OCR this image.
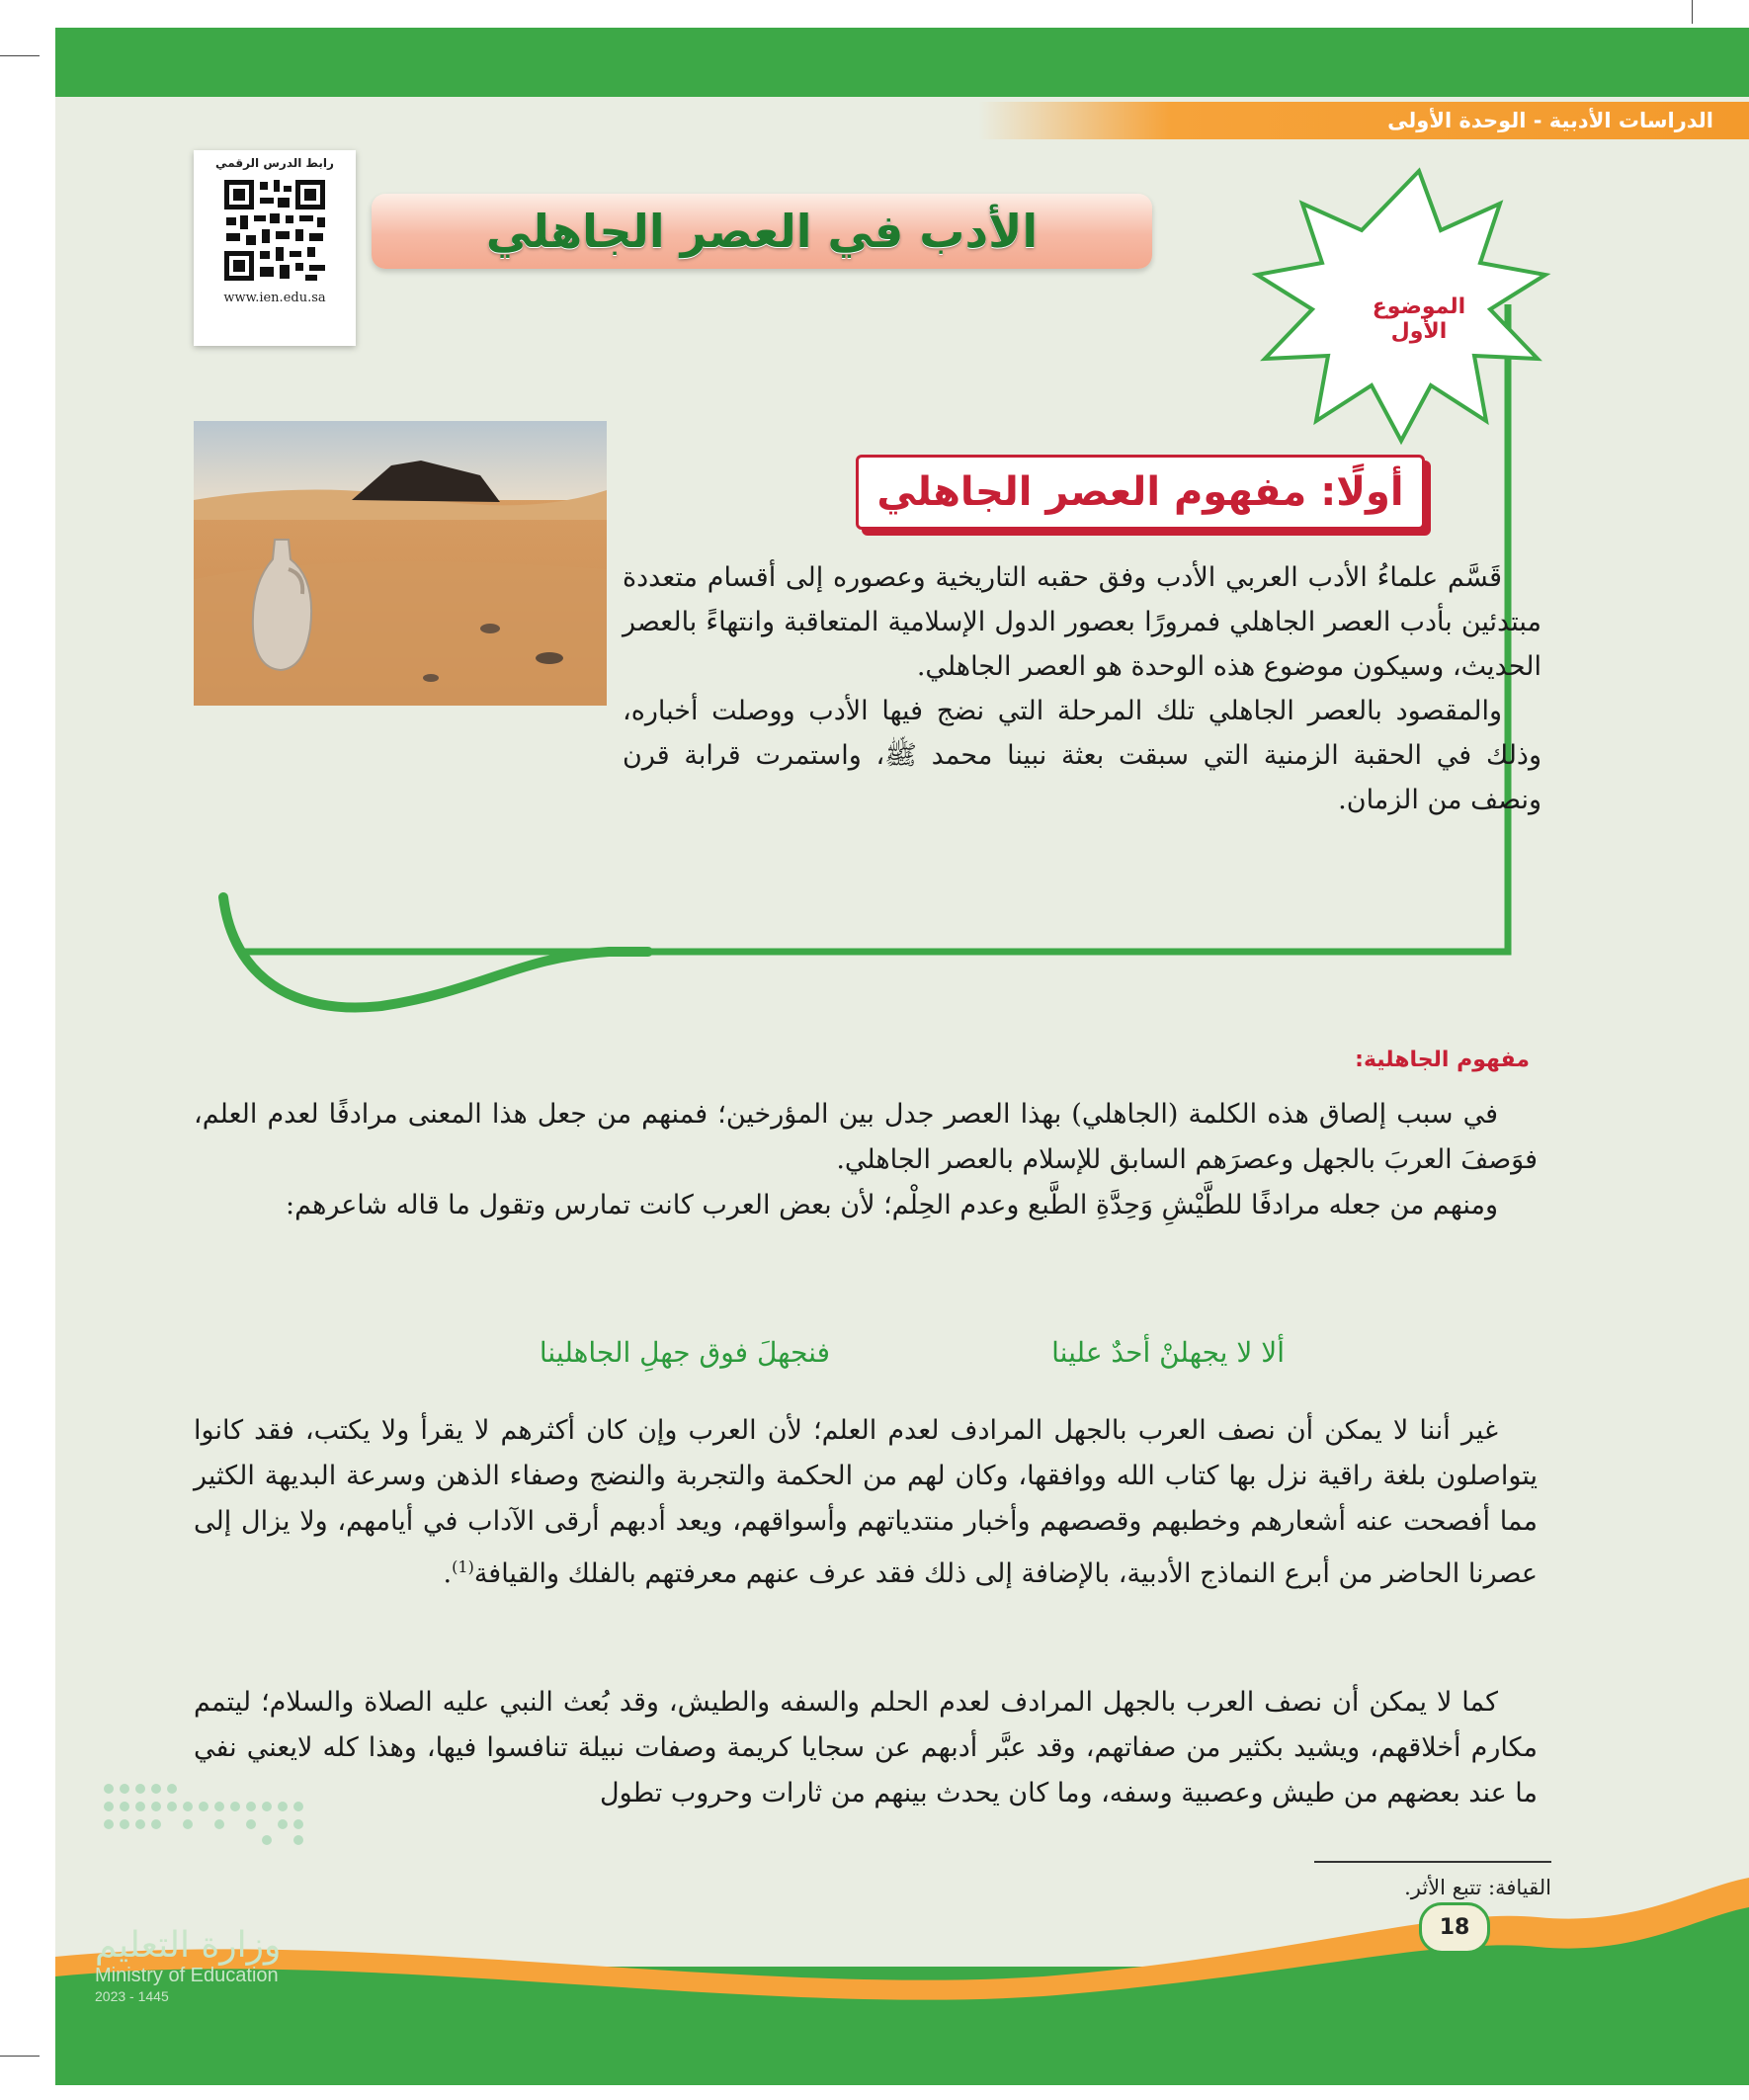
الدراسات الأدبية - الوحدة الأولى
الموضوع الأول
رابط الدرس الرقمي
www.ien.edu.sa
الأدب في العصر الجاهلي
أولًا: مفهوم العصر الجاهلي

قَسَّم علماءُ الأدب العربي الأدب وفق حقبه التاريخية وعصوره إلى أقسام متعددة مبتدئين بأدب العصر الجاهلي فمرورًا بعصور الدول الإسلامية المتعاقبة وانتهاءً بالعصر الحديث، وسيكون موضوع هذه الوحدة هو العصر الجاهلي.

والمقصود بالعصر الجاهلي تلك المرحلة التي نضج فيها الأدب ووصلت أخباره، وذلك في الحقبة الزمنية التي سبقت بعثة نبينا محمد ﷺ، واستمرت قرابة قرن ونصف من الزمان.

مفهوم الجاهلية:

في سبب إلصاق هذه الكلمة (الجاهلي) بهذا العصر جدل بين المؤرخين؛ فمنهم من جعل هذا المعنى مرادفًا لعدم العلم، فوَصفَ العربَ بالجهل وعصرَهم السابق للإسلام بالعصر الجاهلي.

ومنهم من جعله مرادفًا للطَّيْشِ وَحِدَّةِ الطَّبع وعدم الحِلْم؛ لأن بعض العرب كانت تمارس وتقول ما قاله شاعرهم:

ألا لا يجهلنْ أحدٌ علينا
فنجهلَ فوق جهلِ الجاهلينا

غير أننا لا يمكن أن نصف العرب بالجهل المرادف لعدم العلم؛ لأن العرب وإن كان أكثرهم لا يقرأ ولا يكتب، فقد كانوا يتواصلون بلغة راقية نزل بها كتاب الله ووافقها، وكان لهم من الحكمة والتجربة والنضج وصفاء الذهن وسرعة البديهة الكثير مما أفصحت عنه أشعارهم وخطبهم وقصصهم وأخبار منتدياتهم وأسواقهم، ويعد أدبهم أرقى الآداب في أيامهم، ولا يزال إلى عصرنا الحاضر من أبرع النماذج الأدبية، بالإضافة إلى ذلك فقد عرف عنهم معرفتهم بالفلك والقيافة$^{(1)}$.

كما لا يمكن أن نصف العرب بالجهل المرادف لعدم الحلم والسفه والطيش، وقد بُعث النبي عليه الصلاة والسلام؛ ليتمم مكارم أخلاقهم، ويشيد بكثير من صفاتهم، وقد عبَّر أدبهم عن سجايا كريمة وصفات نبيلة تنافسوا فيها، وهذا كله لايعني نفي ما عند بعضهم من طيش وعصبية وسفه، وما كان يحدث بينهم من ثارات وحروب تطول

القيافة: تتبع الأثر.
18
وزارة التعليم
Ministry of Education
2023 - 1445
